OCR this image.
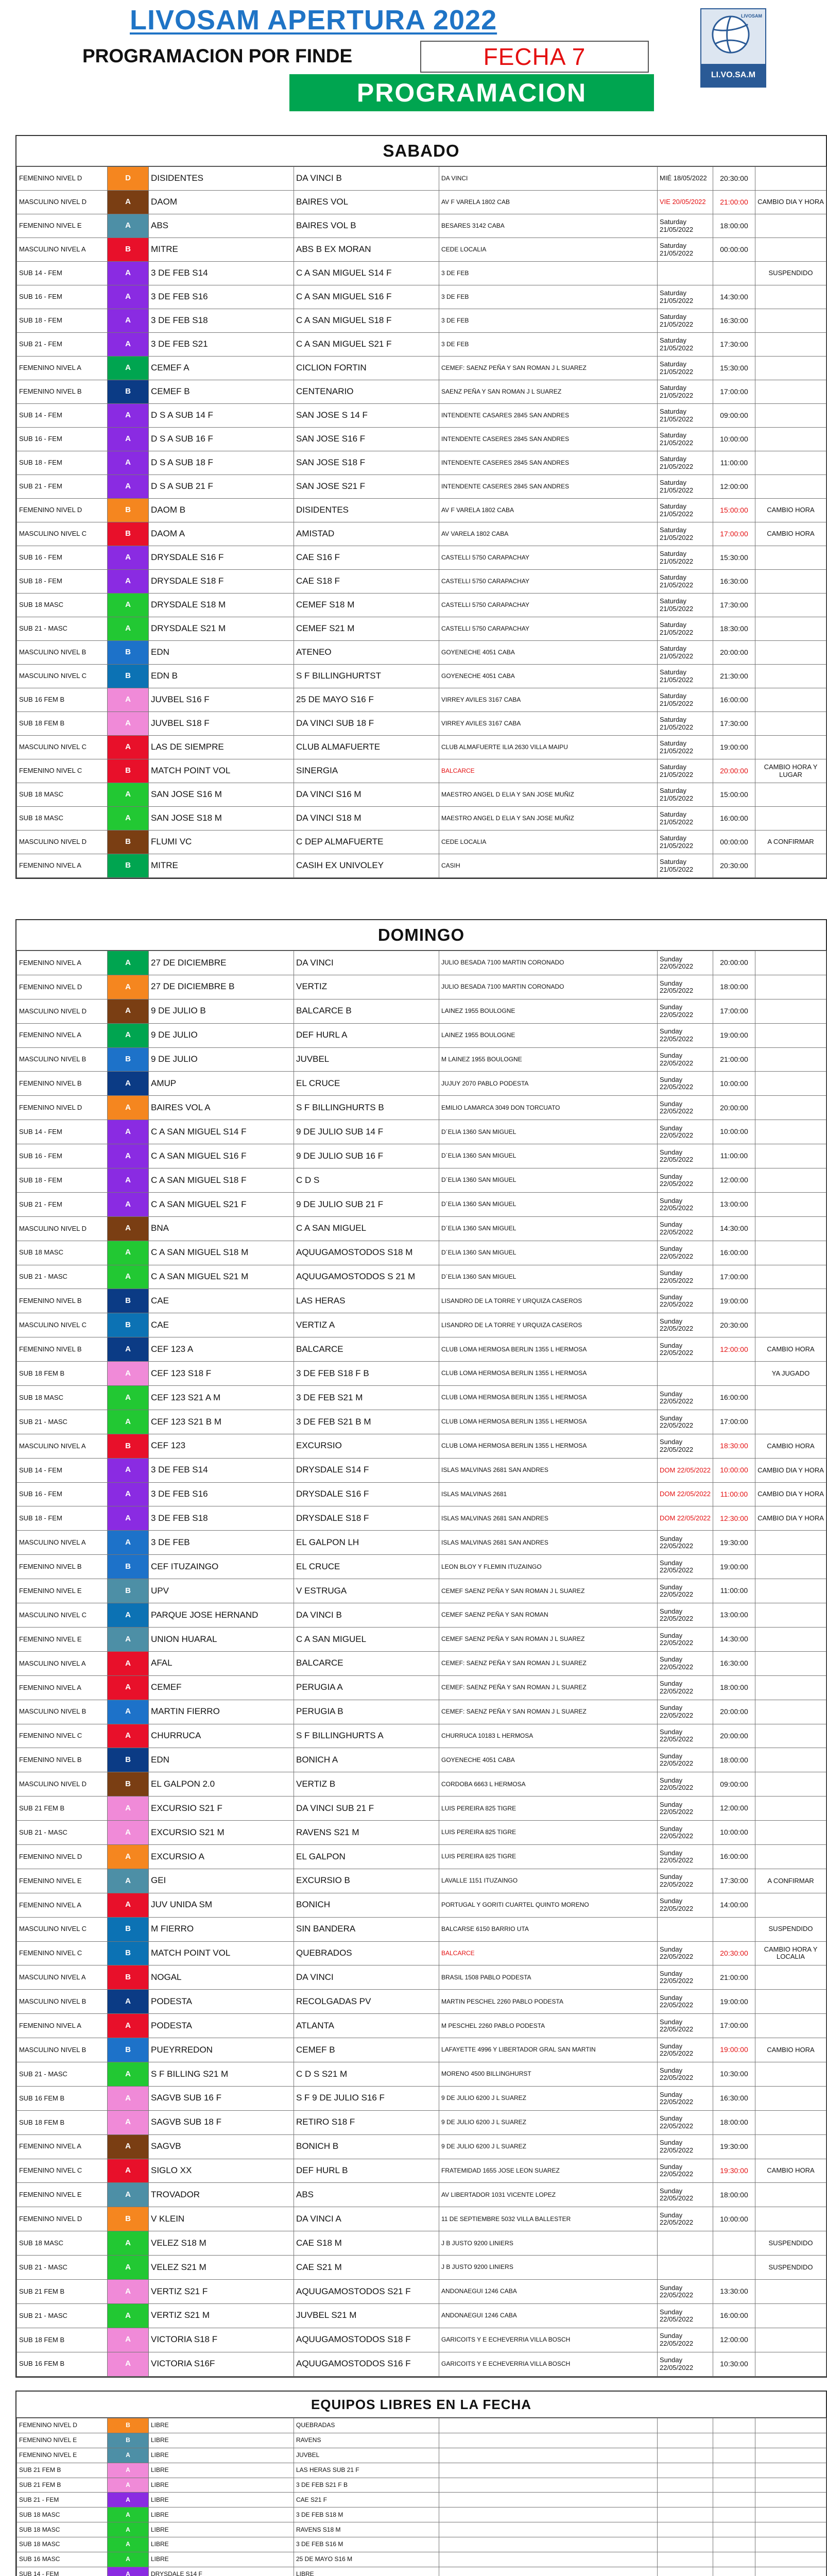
LIVOSAM APERTURA 2022
PROGRAMACION POR FINDE	FECHA 7
PROGRAMACION
LIVOSAM
LI.VO.SA.M
SABADO
FEMENINO NIVEL D	D	DISIDENTES	DA VINCI B	DA VINCI	MIÉ 18/05/2022	20:30:00	
MASCULINO NIVEL D	A	DAOM	BAIRES VOL	AV F VARELA 1802 CAB	VIE 20/05/2022	21:00:00	CAMBIO DIA Y HORA
FEMENINO NIVEL E	A	ABS	BAIRES VOL B	BESARES 3142 CABA	Saturday 21/05/2022	18:00:00	
MASCULINO NIVEL A	B	MITRE	ABS B EX MORAN	CEDE LOCALIA	Saturday 21/05/2022	00:00:00	
SUB 14 - FEM	A	3 DE FEB S14	C A SAN MIGUEL S14 F	3 DE FEB			SUSPENDIDO
SUB 16 - FEM	A	3 DE FEB S16	C A SAN MIGUEL S16 F	3 DE FEB	Saturday 21/05/2022	14:30:00	
SUB 18 - FEM	A	3 DE FEB S18	C A SAN MIGUEL S18 F	3 DE FEB	Saturday 21/05/2022	16:30:00	
SUB 21 - FEM	A	3 DE FEB S21	C A SAN MIGUEL S21 F	3 DE FEB	Saturday 21/05/2022	17:30:00	
FEMENINO NIVEL A	A	CEMEF A	CICLION FORTIN	CEMEF: SAENZ PEÑA Y SAN ROMAN J L SUAREZ	Saturday 21/05/2022	15:30:00	
FEMENINO NIVEL B	B	CEMEF B	CENTENARIO	SAENZ PEÑA Y SAN ROMAN J L SUAREZ	Saturday 21/05/2022	17:00:00	
SUB 14 - FEM	A	D S A SUB 14 F	SAN JOSE S 14 F	INTENDENTE CASARES 2845 SAN ANDRES	Saturday 21/05/2022	09:00:00	
SUB 16 - FEM	A	D S A SUB 16 F	SAN JOSE S16 F	INTENDENTE CASERES 2845 SAN ANDRES	Saturday 21/05/2022	10:00:00	
SUB 18 - FEM	A	D S A SUB 18 F	SAN JOSE S18 F	INTENDENTE CASERES 2845 SAN ANDRES	Saturday 21/05/2022	11:00:00	
SUB 21 - FEM	A	D S A SUB 21 F	SAN JOSE S21 F	INTENDENTE CASERES 2845 SAN ANDRES	Saturday 21/05/2022	12:00:00	
FEMENINO NIVEL D	B	DAOM B	DISIDENTES	AV F VARELA 1802 CABA	Saturday 21/05/2022	15:00:00	CAMBIO HORA
MASCULINO NIVEL C	B	DAOM A	AMISTAD	AV VARELA 1802 CABA	Saturday 21/05/2022	17:00:00	CAMBIO HORA
SUB 16 - FEM	A	DRYSDALE S16 F	CAE S16 F	CASTELLI 5750 CARAPACHAY	Saturday 21/05/2022	15:30:00	
SUB 18 - FEM	A	DRYSDALE S18 F	CAE S18 F	CASTELLI 5750 CARAPACHAY	Saturday 21/05/2022	16:30:00	
SUB 18 MASC	A	DRYSDALE S18 M	CEMEF S18 M	CASTELLI 5750 CARAPACHAY	Saturday 21/05/2022	17:30:00	
SUB 21 - MASC	A	DRYSDALE S21 M	CEMEF S21 M	CASTELLI 5750 CARAPACHAY	Saturday 21/05/2022	18:30:00	
MASCULINO NIVEL B	B	EDN	ATENEO	GOYENECHE 4051 CABA	Saturday 21/05/2022	20:00:00	
MASCULINO NIVEL C	B	EDN B	S F BILLINGHURTST	GOYENECHE 4051 CABA	Saturday 21/05/2022	21:30:00	
SUB 16 FEM B	A	JUVBEL S16 F	25 DE MAYO S16 F	VIRREY AVILES 3167 CABA	Saturday 21/05/2022	16:00:00	
SUB 18 FEM B	A	JUVBEL S18 F	DA VINCI SUB 18 F	VIRREY AVILES 3167 CABA	Saturday 21/05/2022	17:30:00	
MASCULINO NIVEL C	A	LAS DE SIEMPRE	CLUB ALMAFUERTE	CLUB ALMAFUERTE ILIA 2630 VILLA MAIPU	Saturday 21/05/2022	19:00:00	
FEMENINO NIVEL C	B	MATCH POINT VOL	SINERGIA	BALCARCE	Saturday 21/05/2022	20:00:00	CAMBIO HORA Y LUGAR
SUB 18 MASC	A	SAN JOSE S16 M	DA VINCI S16 M	MAESTRO ANGEL D ELIA Y SAN JOSE MUÑIZ	Saturday 21/05/2022	15:00:00	
SUB 18 MASC	A	SAN JOSE S18 M	DA VINCI S18 M	MAESTRO ANGEL D ELIA Y SAN JOSE MUÑIZ	Saturday 21/05/2022	16:00:00	
MASCULINO NIVEL D	B	FLUMI VC	C DEP ALMAFUERTE	CEDE LOCALIA	Saturday 21/05/2022	00:00:00	A CONFIRMAR
FEMENINO NIVEL A	B	MITRE	CASIH EX UNIVOLEY	CASIH	Saturday 21/05/2022	20:30:00	
DOMINGO
FEMENINO NIVEL A	A	27 DE DICIEMBRE	DA VINCI	JULIO BESADA 7100 MARTIN CORONADO	Sunday 22/05/2022	20:00:00	
FEMENINO NIVEL D	A	27 DE DICIEMBRE B	VERTIZ	JULIO BESADA 7100 MARTIN CORONADO	Sunday 22/05/2022	18:00:00	
MASCULINO NIVEL D	A	9 DE JULIO B	BALCARCE B	LAINEZ 1955 BOULOGNE	Sunday 22/05/2022	17:00:00	
FEMENINO NIVEL A	A	9 DE JULIO	DEF HURL A	LAINEZ 1955 BOULOGNE	Sunday 22/05/2022	19:00:00	
MASCULINO NIVEL B	B	9 DE JULIO	JUVBEL	M LAINEZ 1955 BOULOGNE	Sunday 22/05/2022	21:00:00	
FEMENINO NIVEL B	A	AMUP	EL CRUCE	JUJUY 2070 PABLO PODESTA	Sunday 22/05/2022	10:00:00	
FEMENINO NIVEL D	A	BAIRES VOL A	S F BILLINGHURTS B	EMILIO LAMARCA 3049 DON TORCUATO	Sunday 22/05/2022	20:00:00	
SUB 14 - FEM	A	C A SAN MIGUEL S14 F	9 DE JULIO SUB 14 F	D´ELIA 1360 SAN MIGUEL	Sunday 22/05/2022	10:00:00	
SUB 16 - FEM	A	C A SAN MIGUEL S16 F	9 DE JULIO SUB 16 F	D´ELIA 1360 SAN MIGUEL	Sunday 22/05/2022	11:00:00	
SUB 18 - FEM	A	C A SAN MIGUEL S18 F	C D S	D´ELIA 1360 SAN MIGUEL	Sunday 22/05/2022	12:00:00	
SUB 21 - FEM	A	C A SAN MIGUEL S21 F	9 DE JULIO SUB 21 F	D´ELIA 1360 SAN MIGUEL	Sunday 22/05/2022	13:00:00	
MASCULINO NIVEL D	A	BNA	C A SAN MIGUEL	D´ELIA 1360 SAN MIGUEL	Sunday 22/05/2022	14:30:00	
SUB 18 MASC	A	C A SAN MIGUEL S18 M	AQUUGAMOSTODOS S18 M	D´ELIA 1360 SAN MIGUEL	Sunday 22/05/2022	16:00:00	
SUB 21 - MASC	A	C A SAN MIGUEL S21 M	AQUUGAMOSTODOS S 21 M	D´ELIA 1360 SAN MIGUEL	Sunday 22/05/2022	17:00:00	
FEMENINO NIVEL B	B	CAE	LAS HERAS	LISANDRO DE LA TORRE Y URQUIZA CASEROS	Sunday 22/05/2022	19:00:00	
MASCULINO NIVEL C	B	CAE	VERTIZ A	LISANDRO DE LA TORRE Y URQUIZA CASEROS	Sunday 22/05/2022	20:30:00	
FEMENINO NIVEL B	A	CEF 123 A	BALCARCE	CLUB LOMA HERMOSA BERLIN 1355 L HERMOSA	Sunday 22/05/2022	12:00:00	CAMBIO HORA
SUB 18 FEM B	A	CEF 123 S18 F	3 DE FEB S18 F B	CLUB LOMA HERMOSA BERLIN 1355 L HERMOSA			YA JUGADO
SUB 18 MASC	A	CEF 123 S21 A M	3 DE FEB S21 M	CLUB LOMA HERMOSA BERLIN 1355 L HERMOSA	Sunday 22/05/2022	16:00:00	
SUB 21 - MASC	A	CEF 123 S21 B M	3 DE FEB S21 B M	CLUB LOMA HERMOSA BERLIN 1355 L HERMOSA	Sunday 22/05/2022	17:00:00	
MASCULINO NIVEL A	B	CEF 123	EXCURSIO	CLUB LOMA HERMOSA BERLIN 1355 L HERMOSA	Sunday 22/05/2022	18:30:00	CAMBIO HORA
SUB 14 - FEM	A	3 DE FEB S14	DRYSDALE S14 F	ISLAS MALVINAS 2681 SAN ANDRES	DOM 22/05/2022	10:00:00	CAMBIO DIA Y HORA
SUB 16 - FEM	A	3 DE FEB S16	DRYSDALE S16 F	ISLAS MALVINAS 2681	DOM 22/05/2022	11:00:00	CAMBIO DIA Y HORA
SUB 18 - FEM	A	3 DE FEB S18	DRYSDALE S18 F	ISLAS MALVINAS 2681 SAN ANDRES	DOM 22/05/2022	12:30:00	CAMBIO DIA Y HORA
MASCULINO NIVEL A	A	3 DE FEB	EL GALPON LH	ISLAS MALVINAS 2681 SAN ANDRES	Sunday 22/05/2022	19:30:00	
FEMENINO NIVEL B	B	CEF ITUZAINGO	EL CRUCE	LEON BLOY Y FLEMIN ITUZAINGO	Sunday 22/05/2022	19:00:00	
FEMENINO NIVEL E	B	UPV	V ESTRUGA	CEMEF SAENZ PEÑA Y SAN ROMAN J L SUAREZ	Sunday 22/05/2022	11:00:00	
MASCULINO NIVEL C	A	PARQUE JOSE HERNAND	DA VINCI B	CEMEF SAENZ PEÑA Y SAN ROMAN	Sunday 22/05/2022	13:00:00	
FEMENINO NIVEL E	A	UNION HUARAL	C A SAN MIGUEL	CEMEF SAENZ PEÑA Y SAN ROMAN J L SUAREZ	Sunday 22/05/2022	14:30:00	
MASCULINO NIVEL A	A	AFAL	BALCARCE	CEMEF: SAENZ PEÑA Y SAN ROMAN J L SUAREZ	Sunday 22/05/2022	16:30:00	
FEMENINO NIVEL A	A	CEMEF	PERUGIA A	CEMEF: SAENZ PEÑA Y SAN ROMAN J L SUAREZ	Sunday 22/05/2022	18:00:00	
MASCULINO NIVEL B	A	MARTIN FIERRO	PERUGIA B	CEMEF: SAENZ PEÑA Y SAN ROMAN J L SUAREZ	Sunday 22/05/2022	20:00:00	
FEMENINO NIVEL C	A	CHURRUCA	S F BILLINGHURTS A	CHURRUCA 10183 L HERMOSA	Sunday 22/05/2022	20:00:00	
FEMENINO NIVEL B	B	EDN	BONICH A	GOYENECHE 4051 CABA	Sunday 22/05/2022	18:00:00	
MASCULINO NIVEL D	B	EL GALPON 2.0	VERTIZ B	CORDOBA 6663 L HERMOSA	Sunday 22/05/2022	09:00:00	
SUB 21 FEM B	A	EXCURSIO S21 F	DA VINCI SUB 21 F	LUIS PEREIRA 825 TIGRE	Sunday 22/05/2022	12:00:00	
SUB 21 - MASC	A	EXCURSIO S21 M	RAVENS S21 M	LUIS PEREIRA 825 TIGRE	Sunday 22/05/2022	10:00:00	
FEMENINO NIVEL D	A	EXCURSIO A	EL GALPON	LUIS PEREIRA 825 TIGRE	Sunday 22/05/2022	16:00:00	
FEMENINO NIVEL E	A	GEI	EXCURSIO B	LAVALLE 1151 ITUZAINGO	Sunday 22/05/2022	17:30:00	A CONFIRMAR
FEMENINO NIVEL A	A	JUV UNIDA SM	BONICH	PORTUGAL Y GORITI CUARTEL QUINTO MORENO	Sunday 22/05/2022	14:00:00	
MASCULINO NIVEL C	B	M FIERRO	SIN BANDERA	BALCARSE 6150 BARRIO UTA			SUSPENDIDO
FEMENINO NIVEL C	B	MATCH POINT VOL	QUEBRADOS	BALCARCE	Sunday 22/05/2022	20:30:00	CAMBIO HORA Y LOCALIA
MASCULINO NIVEL A	B	NOGAL	DA VINCI	BRASIL 1508 PABLO PODESTA	Sunday 22/05/2022	21:00:00	
MASCULINO NIVEL B	A	PODESTA	RECOLGADAS PV	MARTIN PESCHEL 2260 PABLO PODESTA	Sunday 22/05/2022	19:00:00	
FEMENINO NIVEL A	A	PODESTA	ATLANTA	M PESCHEL 2260 PABLO PODESTA	Sunday 22/05/2022	17:00:00	
MASCULINO NIVEL B	B	PUEYRREDON	CEMEF B	LAFAYETTE 4996 Y LIBERTADOR GRAL SAN MARTIN	Sunday 22/05/2022	19:00:00	CAMBIO HORA
SUB 21 - MASC	A	S F BILLING S21 M	C D S S21 M	MORENO 4500 BILLINGHURST	Sunday 22/05/2022	10:30:00	
SUB 16 FEM B	A	SAGVB SUB 16 F	S F 9 DE JULIO S16 F	9 DE JULIO 6200 J L SUAREZ	Sunday 22/05/2022	16:30:00	
SUB 18 FEM B	A	SAGVB SUB 18 F	RETIRO S18 F	9 DE JULIO 6200 J L SUAREZ	Sunday 22/05/2022	18:00:00	
FEMENINO NIVEL A	A	SAGVB	BONICH B	9 DE JULIO 6200 J L SUAREZ	Sunday 22/05/2022	19:30:00	
FEMENINO NIVEL C	A	SIGLO XX	DEF HURL B	FRATEMIDAD 1655 JOSE LEON SUAREZ	Sunday 22/05/2022	19:30:00	CAMBIO HORA
FEMENINO NIVEL E	A	TROVADOR	ABS	AV LIBERTADOR 1031 VICENTE LOPEZ	Sunday 22/05/2022	18:00:00	
FEMENINO NIVEL D	B	V KLEIN	DA VINCI A	11 DE SEPTIEMBRE 5032 VILLA BALLESTER	Sunday 22/05/2022	10:00:00	
SUB 18 MASC	A	VELEZ S18 M	CAE S18 M	J B JUSTO 9200 LINIERS			SUSPENDIDO
SUB 21 - MASC	A	VELEZ S21 M	CAE S21 M	J B JUSTO 9200 LINIERS			SUSPENDIDO
SUB 21 FEM B	A	VERTIZ S21 F	AQUUGAMOSTODOS S21 F	ANDONAEGUI 1246 CABA	Sunday 22/05/2022	13:30:00	
SUB 21 - MASC	A	VERTIZ S21 M	JUVBEL S21 M	ANDONAEGUI 1246 CABA	Sunday 22/05/2022	16:00:00	
SUB 18 FEM B	A	VICTORIA S18 F	AQUUGAMOSTODOS S18 F	GARICOITS Y E ECHEVERRIA VILLA BOSCH	Sunday 22/05/2022	12:00:00	
SUB 16 FEM B	A	VICTORIA S16F	AQUUGAMOSTODOS S16 F	GARICOITS Y E ECHEVERRIA VILLA BOSCH	Sunday 22/05/2022	10:30:00	
EQUIPOS LIBRES EN LA FECHA
FEMENINO NIVEL D	B	LIBRE	QUEBRADAS				
FEMENINO NIVEL E	B	LIBRE	RAVENS				
FEMENINO NIVEL E	A	LIBRE	JUVBEL				
SUB 21 FEM B	A	LIBRE	LAS HERAS SUB 21 F				
SUB 21 FEM B	A	LIBRE	3 DE FEB S21 F B				
SUB 21 - FEM	A	LIBRE	CAE S21 F				
SUB 18 MASC	A	LIBRE	3 DE FEB S18 M				
SUB 18 MASC	A	LIBRE	RAVENS S18 M				
SUB 18 MASC	A	LIBRE	3 DE FEB S16 M				
SUB 16 MASC	A	LIBRE	25 DE MAYO S16 M				
SUB 14 - FEM	A	DRYSDALE S14 F	LIBRE				
